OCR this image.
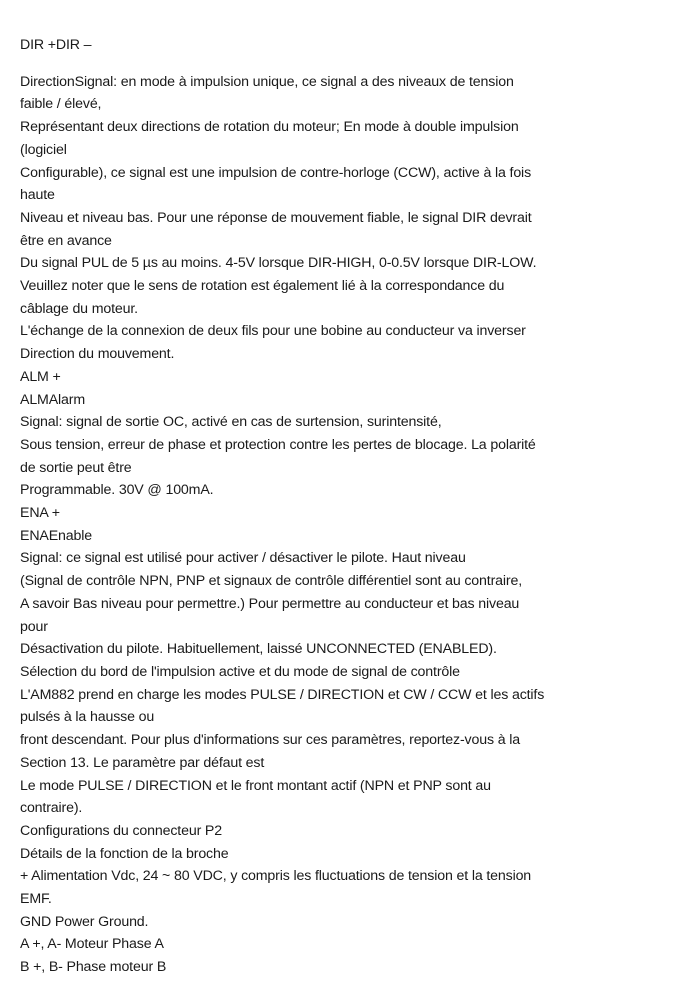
DIR +DIR –
DirectionSignal: en mode à impulsion unique, ce signal a des niveaux de tension
faible / élevé,
Représentant deux directions de rotation du moteur; En mode à double impulsion
(logiciel
Configurable), ce signal est une impulsion de contre-horloge (CCW), active à la fois
haute
Niveau et niveau bas. Pour une réponse de mouvement fiable, le signal DIR devrait
être en avance
Du signal PUL de 5 µs au moins. 4-5V lorsque DIR-HIGH, 0-0.5V lorsque DIR-LOW.
Veuillez noter que le sens de rotation est également lié à la correspondance du
câblage du moteur.
L'échange de la connexion de deux fils pour une bobine au conducteur va inverser
Direction du mouvement.
ALM +
ALMAlarm
Signal: signal de sortie OC, activé en cas de surtension, surintensité,
Sous tension, erreur de phase et protection contre les pertes de blocage. La polarité
de sortie peut être
Programmable. 30V @ 100mA.
ENA +
ENAEnable
Signal: ce signal est utilisé pour activer / désactiver le pilote. Haut niveau
(Signal de contrôle NPN, PNP et signaux de contrôle différentiel sont au contraire,
A savoir Bas niveau pour permettre.) Pour permettre au conducteur et bas niveau
pour
Désactivation du pilote. Habituellement, laissé UNCONNECTED (ENABLED).
Sélection du bord de l'impulsion active et du mode de signal de contrôle
L'AM882 prend en charge les modes PULSE / DIRECTION et CW / CCW et les actifs
pulsés à la hausse ou
front descendant. Pour plus d'informations sur ces paramètres, reportez-vous à la
Section 13. Le paramètre par défaut est
Le mode PULSE / DIRECTION et le front montant actif (NPN et PNP sont au
contraire).
Configurations du connecteur P2
Détails de la fonction de la broche
+ Alimentation Vdc, 24 ~ 80 VDC, y compris les fluctuations de tension et la tension
EMF.
GND Power Ground.
A +, A- Moteur Phase A
B +, B- Phase moteur B
